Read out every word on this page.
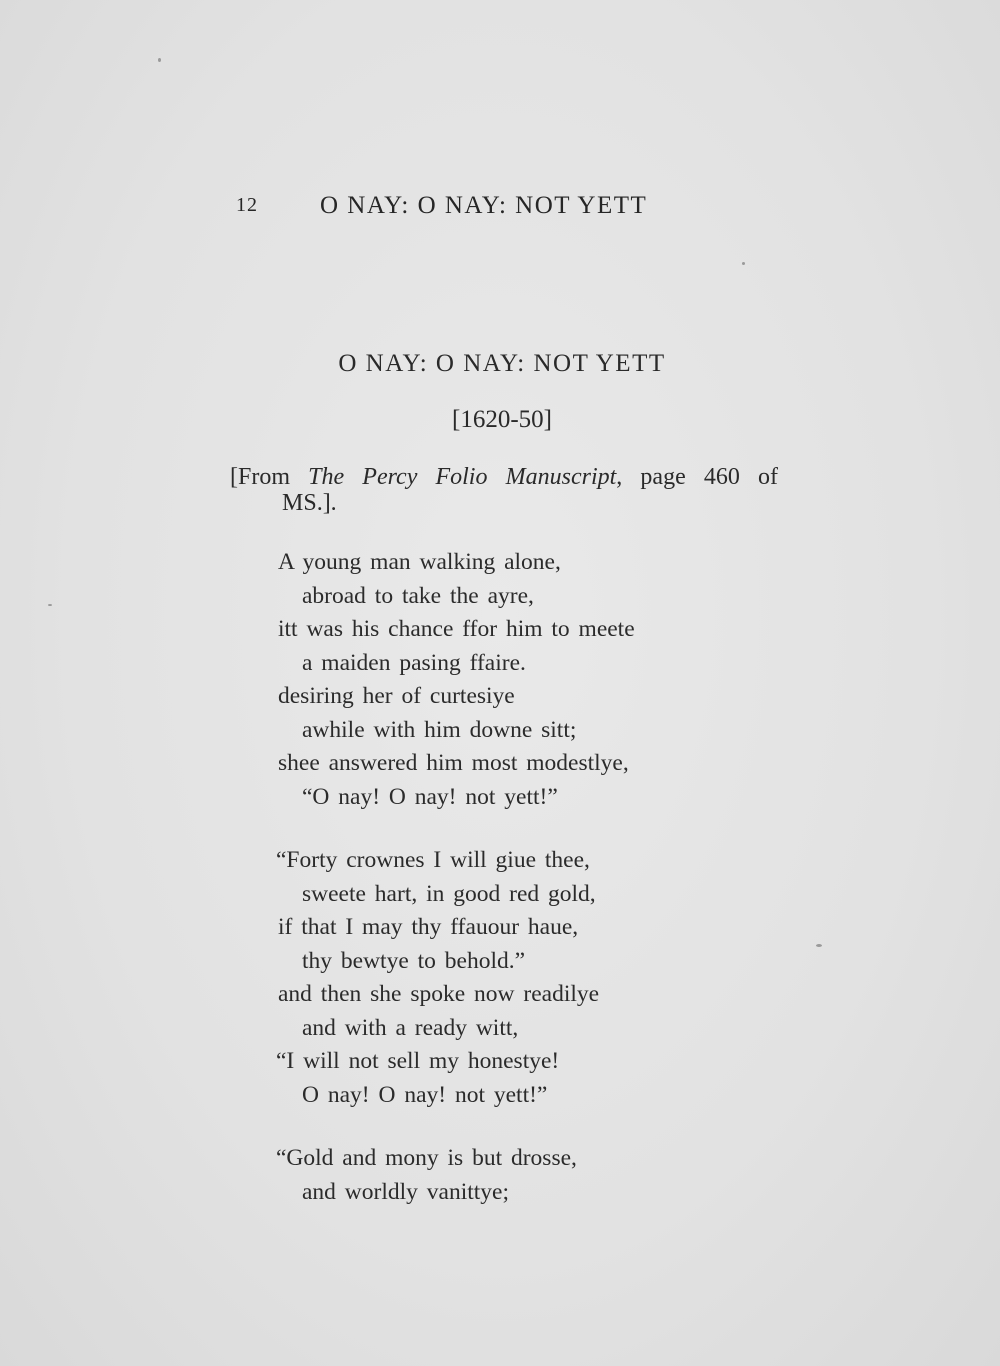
12 O NAY: O NAY: NOT YETT
O NAY: O NAY: NOT YETT
[1620-50]
[From The Percy Folio Manuscript, page 460 of
MS.].
A young man walking alone,
abroad to take the ayre,
itt was his chance ffor him to meete
a maiden pasing ffaire.
desiring her of curtesiye
awhile with him downe sitt;
shee answered him most modestlye,
“O nay! O nay! not yett!”
“Forty crownes I will giue thee,
sweete hart, in good red gold,
if that I may thy ffauour haue,
thy bewtye to behold.”
and then she spoke now readilye
and with a ready witt,
“I will not sell my honestye!
O nay! O nay! not yett!”
“Gold and mony is but drosse,
and worldly vanittye;
